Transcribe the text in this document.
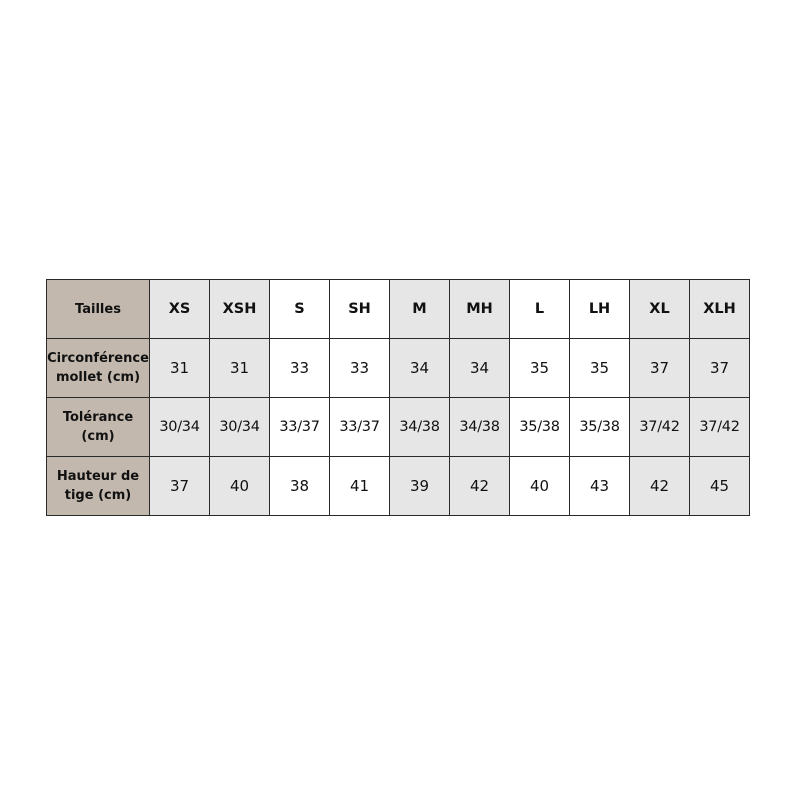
Tailles	XS	XSH	S	SH	M	MH	L	LH	XL	XLH
Circonférence
mollet (cm)	31	31	33	33	34	34	35	35	37	37
Tolérance (cm)	30/34	30/34	33/37	33/37	34/38	34/38	35/38	35/38	37/42	37/42
Hauteur de
tige (cm)	37	40	38	41	39	42	40	43	42	45
